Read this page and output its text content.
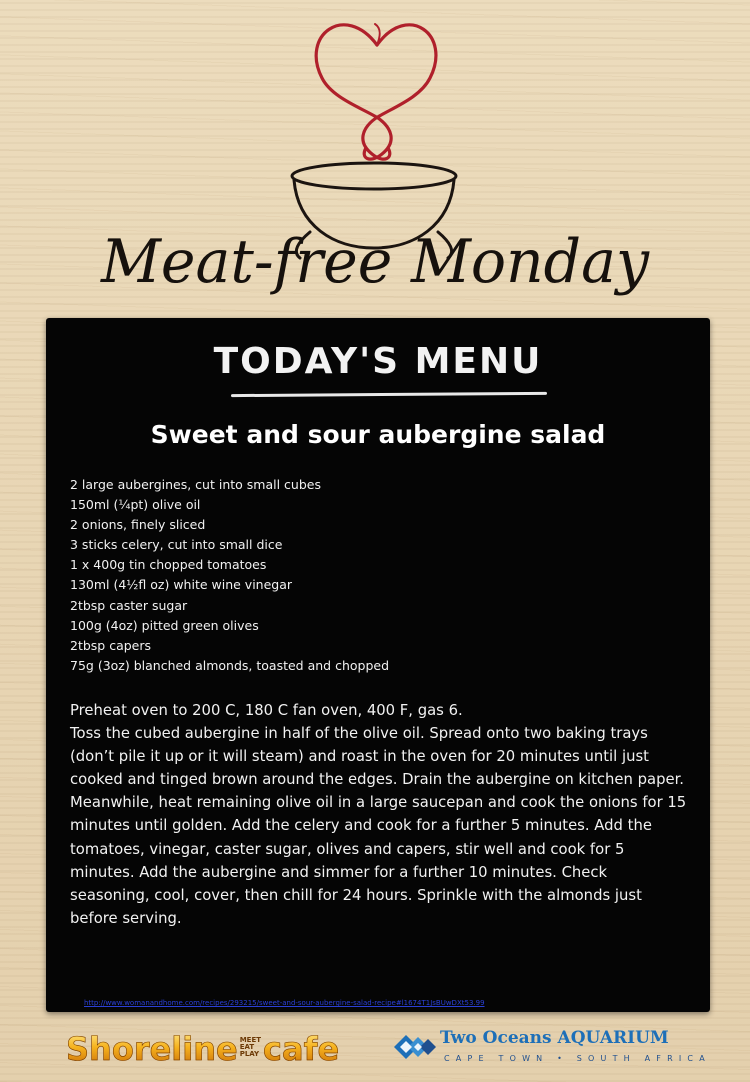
Meat-free Monday
TODAY'S MENU
Sweet and sour aubergine salad
2 large aubergines, cut into small cubes
150ml (¼pt) olive oil
2 onions, finely sliced
3 sticks celery, cut into small dice
1 x 400g tin chopped tomatoes
130ml (4½fl oz) white wine vinegar
2tbsp caster sugar
100g (4oz) pitted green olives
2tbsp capers
75g (3oz) blanched almonds, toasted and chopped

Preheat oven to 200 C, 180 C fan oven, 400 F, gas 6.

Toss the cubed aubergine in half of the olive oil. Spread onto two baking trays (don’t pile it up or it will steam) and roast in the oven for 20 minutes until just cooked and tinged brown around the edges. Drain the aubergine on kitchen paper.

Meanwhile, heat remaining olive oil in a large saucepan and cook the onions for 15 minutes until golden. Add the celery and cook for a further 5 minutes. Add the tomatoes, vinegar, caster sugar, olives and capers, stir well and cook for 5 minutes. Add the aubergine and simmer for a further 10 minutes. Check seasoning, cool, cover, then chill for 24 hours. Sprinkle with the almonds just before serving.

http://www.womanandhome.com/recipes/293215/sweet-and-sour-aubergine-salad-recipe#l1674T1JsBUwDXt53.99
Shoreline MEET
EAT
PLAY cafe	Two Oceans AQUARIUM
CAPE TOWN • SOUTH AFRICA
